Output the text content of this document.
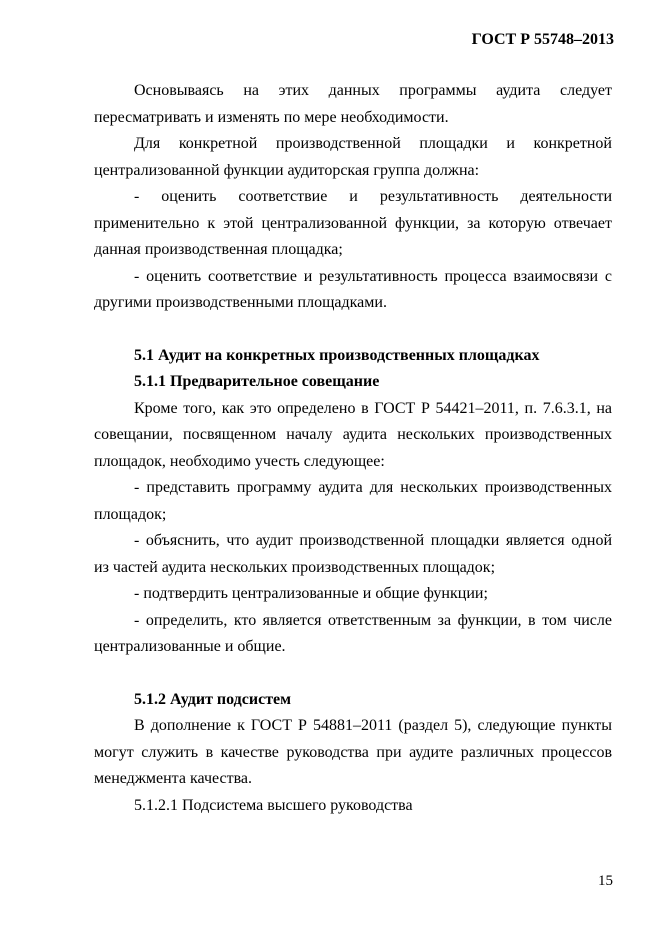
ГОСТ Р 55748–2013

Основываясь на этих данных программы аудита следует пересматривать и изменять по мере необходимости.

Для конкретной производственной площадки и конкретной централизованной функции аудиторская группа должна:

- оценить соответствие и результативность деятельности применительно к этой централизованной функции, за которую отвечает данная производственная площадка;

- оценить соответствие и результативность процесса взаимосвязи с другими производственными площадками.

5.1 Аудит на конкретных производственных площадках

5.1.1 Предварительное совещание

Кроме того, как это определено в ГОСТ Р 54421–2011, п. 7.6.3.1, на совещании, посвященном началу аудита нескольких производственных площадок, необходимо учесть следующее:

- представить программу аудита для нескольких производственных площадок;

- объяснить, что аудит производственной площадки является одной из частей аудита нескольких производственных площадок;

- подтвердить централизованные и общие функции;

- определить, кто является ответственным за функции, в том числе централизованные и общие.

5.1.2 Аудит подсистем

В дополнение к ГОСТ Р 54881–2011 (раздел 5), следующие пункты могут служить в качестве руководства при аудите различных процессов менеджмента качества.

5.1.2.1 Подсистема высшего руководства

15
